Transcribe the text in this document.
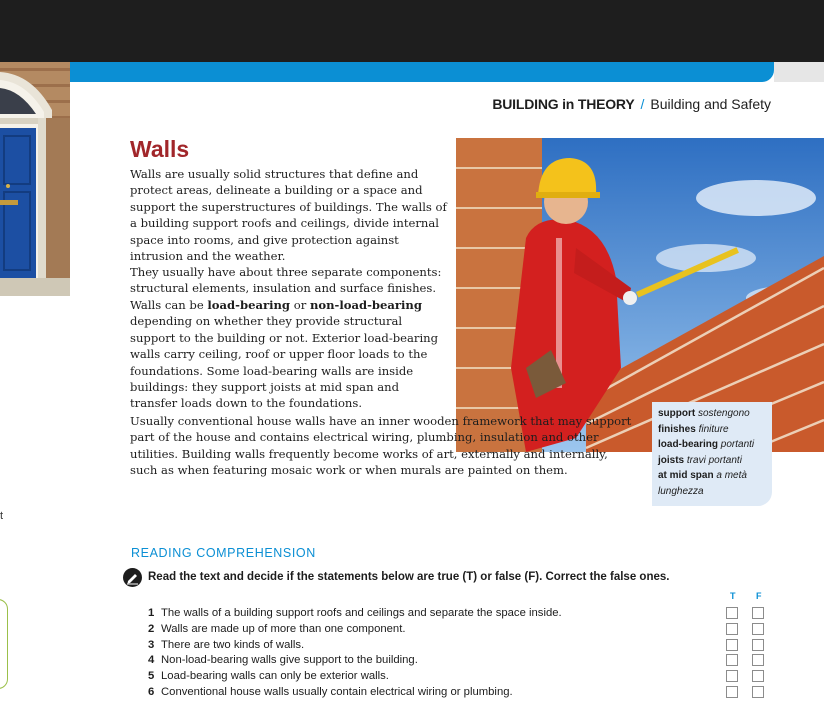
BUILDING in THEORY / Building and Safety
Walls

Walls are usually solid structures that define and protect areas, delineate a building or a space and support the superstructures of buildings. The walls of a building support roofs and ceilings, divide internal space into rooms, and give protection against intrusion and the weather.

They usually have about three separate components: structural elements, insulation and surface finishes.

Walls can be load-bearing or non-load-bearing depending on whether they provide structural support to the building or not. Exterior load-bearing walls carry ceiling, roof or upper floor loads to the foundations. Some load-bearing walls are inside buildings: they support joists at mid span and transfer loads down to the foundations.

Usually conventional house walls have an inner wooden framework that may support part of the house and contains electrical wiring, plumbing, insulation and other utilities. Building walls frequently become works of art, externally and internally, such as when featuring mosaic work or when murals are painted on them.

support sostengono
finishes finiture
load-bearing portanti
joists travi portanti
at mid span a metà lunghezza
t
READING COMPREHENSION
Read the text and decide if the statements below are true (T) or false (F). Correct the false ones.
T F
1 The walls of a building support roofs and ceilings and separate the space inside.
2 Walls are made up of more than one component.
3 There are two kinds of walls.
4 Non-load-bearing walls give support to the building.
5 Load-bearing walls can only be exterior walls.
6 Conventional house walls usually contain electrical wiring or plumbing.
